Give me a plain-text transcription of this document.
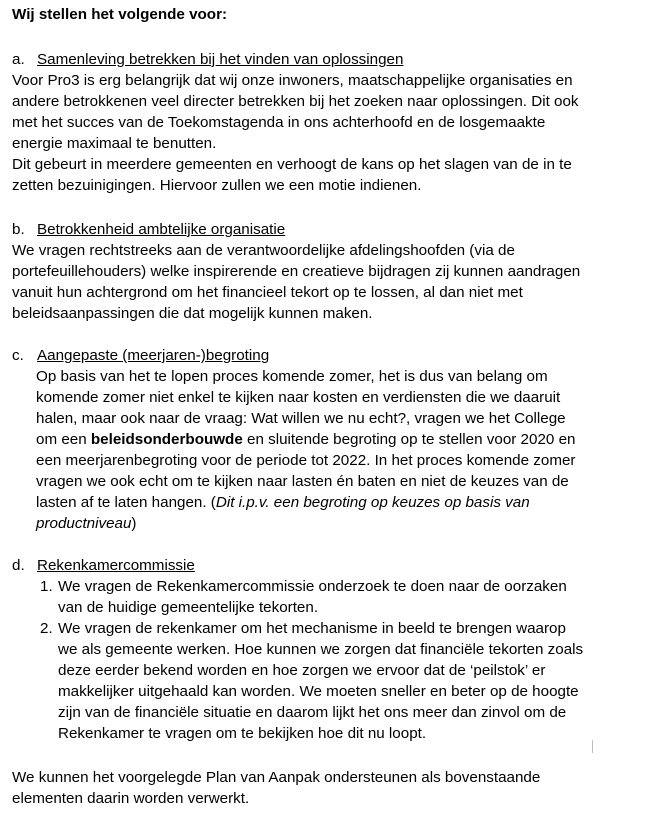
Wij stellen het volgende voor:
a. Samenleving betrekken bij het vinden van oplossingen
Voor Pro3 is erg belangrijk dat wij onze inwoners, maatschappelijke organisaties en
andere betrokkenen veel directer betrekken bij het zoeken naar oplossingen. Dit ook
met het succes van de Toekomstagenda in ons achterhoofd en de losgemaakte
energie maximaal te benutten.
Dit gebeurt in meerdere gemeenten en verhoogt de kans op het slagen van de in te
zetten bezuinigingen. Hiervoor zullen we een motie indienen.
b. Betrokkenheid ambtelijke organisatie
We vragen rechtstreeks aan de verantwoordelijke afdelingshoofden (via de
portefeuillehouders) welke inspirerende en creatieve bijdragen zij kunnen aandragen
vanuit hun achtergrond om het financieel tekort op te lossen, al dan niet met
beleidsaanpassingen die dat mogelijk kunnen maken.
c. Aangepaste (meerjaren-)begroting
Op basis van het te lopen proces komende zomer, het is dus van belang om
komende zomer niet enkel te kijken naar kosten en verdiensten die we daaruit
halen, maar ook naar de vraag: Wat willen we nu echt?, vragen we het College
om een beleidsonderbouwde en sluitende begroting op te stellen voor 2020 en
een meerjarenbegroting voor de periode tot 2022. In het proces komende zomer
vragen we ook echt om te kijken naar lasten én baten en niet de keuzes van de
lasten af te laten hangen. (Dit i.p.v. een begroting op keuzes op basis van
productniveau)
d. Rekenkamercommissie
1. We vragen de Rekenkamercommissie onderzoek te doen naar de oorzaken
van de huidige gemeentelijke tekorten.
2. We vragen de rekenkamer om het mechanisme in beeld te brengen waarop
we als gemeente werken. Hoe kunnen we zorgen dat financiële tekorten zoals
deze eerder bekend worden en hoe zorgen we ervoor dat de ‘peilstok’ er
makkelijker uitgehaald kan worden. We moeten sneller en beter op de hoogte
zijn van de financiële situatie en daarom lijkt het ons meer dan zinvol om de
Rekenkamer te vragen om te bekijken hoe dit nu loopt.
We kunnen het voorgelegde Plan van Aanpak ondersteunen als bovenstaande
elementen daarin worden verwerkt.
